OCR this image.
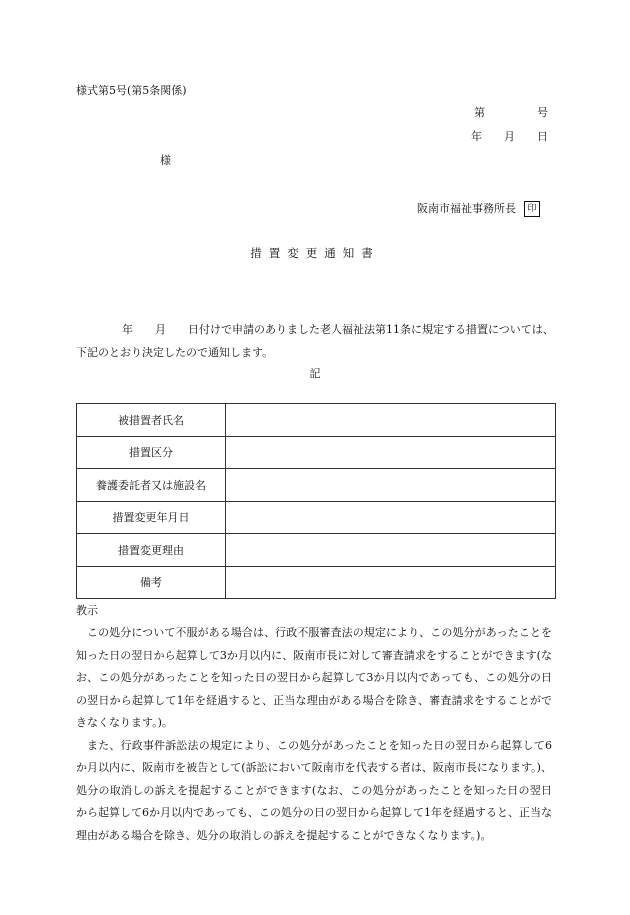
様式第5号(第5条関係)
第	号
年 月 日
様
阪南市福祉事務所長	印
措置変更通知書
年 月 日付けで申請のありました老人福祉法第11条に規定する措置については、下記のとおり決定したので通知します。
記
被措置者氏名	
措置区分	
養護委託者又は施設名	
措置変更年月日	
措置変更理由	
備考	
教示

この処分について不服がある場合は、行政不服審査法の規定により、この処分があったことを知った日の翌日から起算して3か月以内に、阪南市長に対して審査請求をすることができます(なお、この処分があったことを知った日の翌日から起算して3か月以内であっても、この処分の日の翌日から起算して1年を経過すると、正当な理由がある場合を除き、審査請求をすることができなくなります。)。

また、行政事件訴訟法の規定により、この処分があったことを知った日の翌日から起算して6か月以内に、阪南市を被告として(訴訟において阪南市を代表する者は、阪南市長になります。)、処分の取消しの訴えを提起することができます(なお、この処分があったことを知った日の翌日から起算して6か月以内であっても、この処分の日の翌日から起算して1年を経過すると、正当な理由がある場合を除き、処分の取消しの訴えを提起することができなくなります。)。
